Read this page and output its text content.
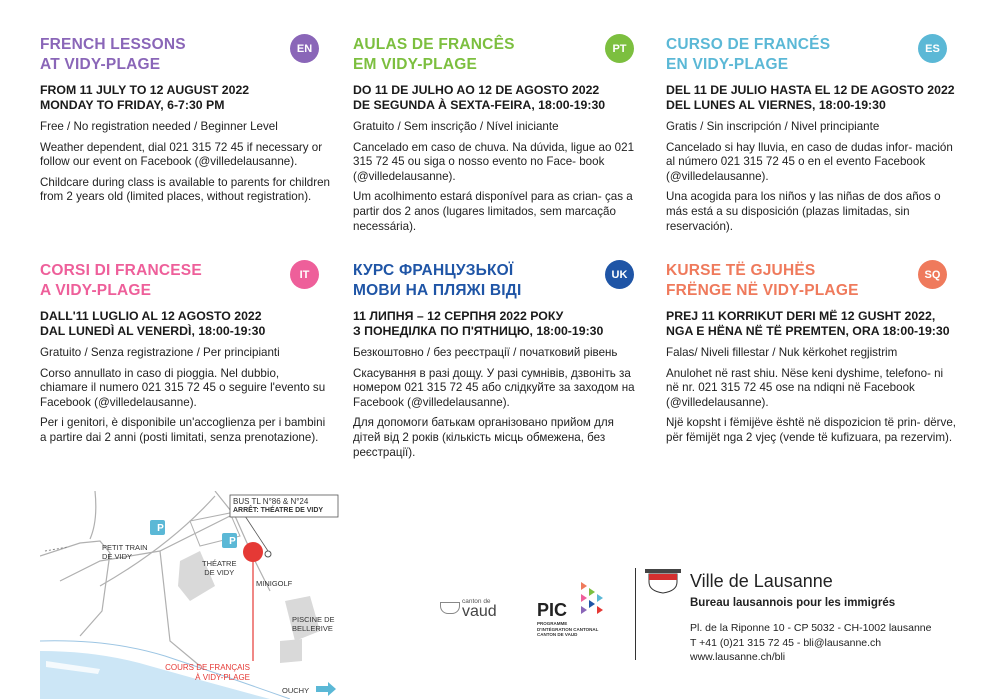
FRENCH LESSONS
AT VIDY-PLAGE
EN
FROM 11 JULY TO 12 AUGUST 2022
MONDAY TO FRIDAY, 6-7:30 PM
Free / No registration needed / Beginner Level
Weather dependent, dial 021 315 72 45 if necessary or follow our event on Facebook (@villedelausanne).
Childcare during class is available to parents for children from 2 years old (limited places, without registration).
AULAS DE FRANCÊS
EM VIDY-PLAGE
PT
DO 11 DE JULHO AO 12 DE AGOSTO 2022
DE SEGUNDA À SEXTA-FEIRA, 18:00-19:30
Gratuito / Sem inscrição / Nível iniciante
Cancelado em caso de chuva. Na dúvida, ligue ao 021 315 72 45 ou siga o nosso evento no Face- book (@villedelausanne).
Um acolhimento estará disponível para as crian- ças a partir dos 2 anos (lugares limitados, sem marcação necessária).
CURSO DE FRANCÉS
EN VIDY-PLAGE
ES
DEL 11 DE JULIO HASTA EL 12 DE AGOSTO 2022
DEL LUNES AL VIERNES, 18:00-19:30
Gratis / Sin inscripción / Nivel principiante
Cancelado si hay lluvia, en caso de dudas infor- mación al número 021 315 72 45 o en el evento Facebook (@villedelausanne).
Una acogida para los niños y las niñas de dos años o más está a su disposición (plazas limitadas, sin reservación).
CORSI DI FRANCESE
A VIDY-PLAGE
IT
DALL'11 LUGLIO AL 12 AGOSTO 2022
DAL LUNEDÌ AL VENERDÌ, 18:00-19:30
Gratuito / Senza registrazione / Per principianti
Corso annullato in caso di pioggia. Nel dubbio, chiamare il numero 021 315 72 45 o seguire l'evento su Facebook (@villedelausanne).
Per i genitori, è disponibile un'accoglienza per i bambini a partire dai 2 anni (posti limitati, senza prenotazione).
КУРС ФРАНЦУЗЬКОЇ
МОВИ НА ПЛЯЖІ ВІДІ
UK
11 ЛИПНЯ – 12 СЕРПНЯ 2022 РОКУ
З ПОНЕДІЛКА ПО П'ЯТНИЦЮ, 18:00-19:30
Безкоштовно / без реєстрації / початковий рівень
Скасування в разі дощу. У разі сумнівів, дзвоніть за номером 021 315 72 45 або слідкуйте за заходом на Facebook (@villedelausanne).
Для допомоги батькам організовано прийом для дітей від 2 років (кількість місць обмежена, без реєстрації).
KURSE TË GJUHËS
FRËNGE NË VIDY-PLAGE
SQ
PREJ 11 KORRIKUT DERI MË 12 GUSHT 2022,
NGA E HËNA NË TË PREMTEN, ORA 18:00-19:30
Falas/ Niveli fillestar / Nuk kërkohet regjistrim
Anulohet në rast shiu. Nëse keni dyshime, telefono- ni në nr. 021 315 72 45 ose na ndiqni në Facebook (@villedelausanne).
Një kopsht i fëmijëve është në dispozicion të prin- dërve, për fëmijët nga 2 vjeç (vende të kufizuara, pa rezervim).
P
P
BUS TL N°86 & N°24
ARRÊT: THÉATRE DE VIDY
PETIT TRAIN
DE VIDY
THÉATRE
DE VIDY
MINIGOLF
PISCINE DE
BELLERIVE
COURS DE FRANÇAIS
À VIDY-PLAGE
OUCHY
canton de
vaud PIC
PROGRAMME
D'INTÉGRATION CANTONAL
CANTON DE VAUD
Ville de Lausanne
Bureau lausannois pour les immigrés
Pl. de la Riponne 10 - CP 5032 - CH-1002 lausanne
T +41 (0)21 315 72 45 - bli@lausanne.ch
www.lausanne.ch/bli
